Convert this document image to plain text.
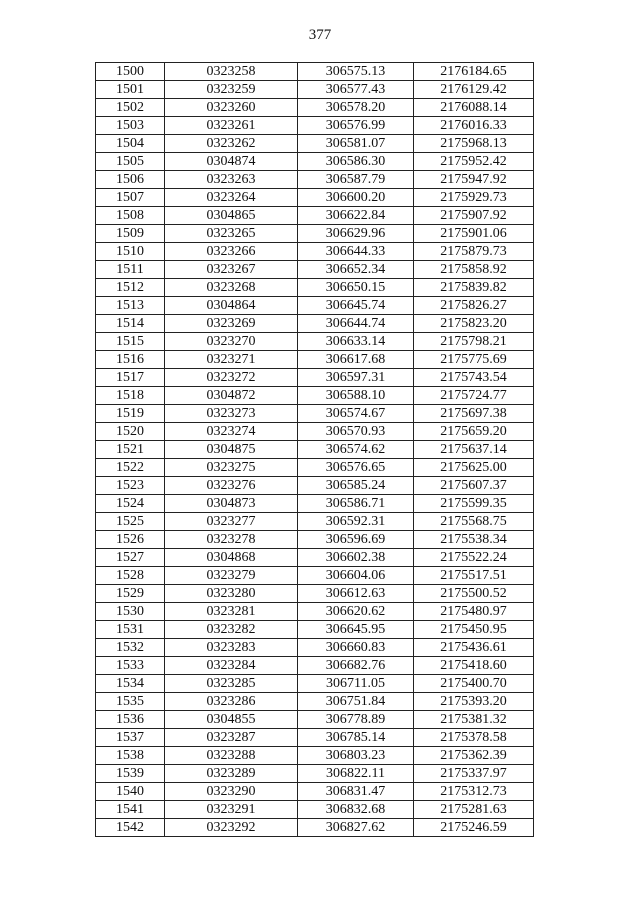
377
1500	0323258	306575.13	2176184.65
1501	0323259	306577.43	2176129.42
1502	0323260	306578.20	2176088.14
1503	0323261	306576.99	2176016.33
1504	0323262	306581.07	2175968.13
1505	0304874	306586.30	2175952.42
1506	0323263	306587.79	2175947.92
1507	0323264	306600.20	2175929.73
1508	0304865	306622.84	2175907.92
1509	0323265	306629.96	2175901.06
1510	0323266	306644.33	2175879.73
1511	0323267	306652.34	2175858.92
1512	0323268	306650.15	2175839.82
1513	0304864	306645.74	2175826.27
1514	0323269	306644.74	2175823.20
1515	0323270	306633.14	2175798.21
1516	0323271	306617.68	2175775.69
1517	0323272	306597.31	2175743.54
1518	0304872	306588.10	2175724.77
1519	0323273	306574.67	2175697.38
1520	0323274	306570.93	2175659.20
1521	0304875	306574.62	2175637.14
1522	0323275	306576.65	2175625.00
1523	0323276	306585.24	2175607.37
1524	0304873	306586.71	2175599.35
1525	0323277	306592.31	2175568.75
1526	0323278	306596.69	2175538.34
1527	0304868	306602.38	2175522.24
1528	0323279	306604.06	2175517.51
1529	0323280	306612.63	2175500.52
1530	0323281	306620.62	2175480.97
1531	0323282	306645.95	2175450.95
1532	0323283	306660.83	2175436.61
1533	0323284	306682.76	2175418.60
1534	0323285	306711.05	2175400.70
1535	0323286	306751.84	2175393.20
1536	0304855	306778.89	2175381.32
1537	0323287	306785.14	2175378.58
1538	0323288	306803.23	2175362.39
1539	0323289	306822.11	2175337.97
1540	0323290	306831.47	2175312.73
1541	0323291	306832.68	2175281.63
1542	0323292	306827.62	2175246.59
